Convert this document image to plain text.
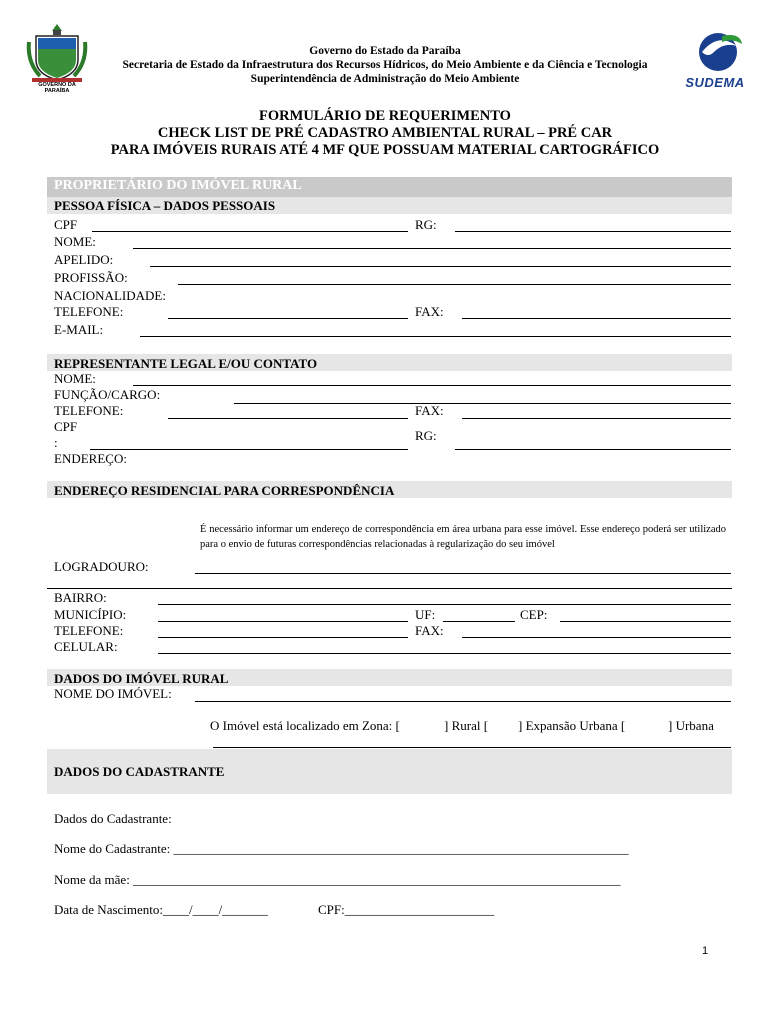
GOVERNO DA PARAÍBA
SUDEMA
Governo do Estado da Paraíba
Secretaria de Estado da Infraestrutura dos Recursos Hídricos, do Meio Ambiente e da Ciência e Tecnologia
Superintendência de Administração do Meio Ambiente
FORMULÁRIO DE REQUERIMENTO
CHECK LIST DE PRÉ CADASTRO AMBIENTAL RURAL – PRÉ CAR
PARA IMÓVEIS RURAIS ATÉ 4 MF QUE POSSUAM MATERIAL CARTOGRÁFICO
PROPRIETÁRIO DO IMÓVEL RURAL
PESSOA FÍSICA – DADOS PESSOAIS
CPF	RG:
NOME:
APELIDO:
PROFISSÃO:
NACIONALIDADE:
TELEFONE:	FAX:
E-MAIL:
REPRESENTANTE LEGAL E/OU CONTATO
NOME:
FUNÇÃO/CARGO:
TELEFONE:	FAX:
CPF
:	RG:
ENDEREÇO:
ENDEREÇO RESIDENCIAL PARA CORRESPONDÊNCIA
É necessário informar um endereço de correspondência em área urbana para esse imóvel. Esse endereço poderá ser utilizado para o envio de futuras correspondências relacionadas à regularização do seu imóvel
LOGRADOURO:
BAIRRO:
MUNICÍPIO:	UF:	CEP:
TELEFONE:	FAX:
CELULAR:
DADOS DO IMÓVEL RURAL
NOME DO IMÓVEL:
O Imóvel está localizado em Zona: [	] Rural [ ] Expansão Urbana [	] Urbana
DADOS DO CADASTRANTE
Dados do Cadastrante:
Nome do Cadastrante: ______________________________________________________________________
Nome da mãe: ___________________________________________________________________________
Data de Nascimento:____/____/_______	CPF:_______________________
1
